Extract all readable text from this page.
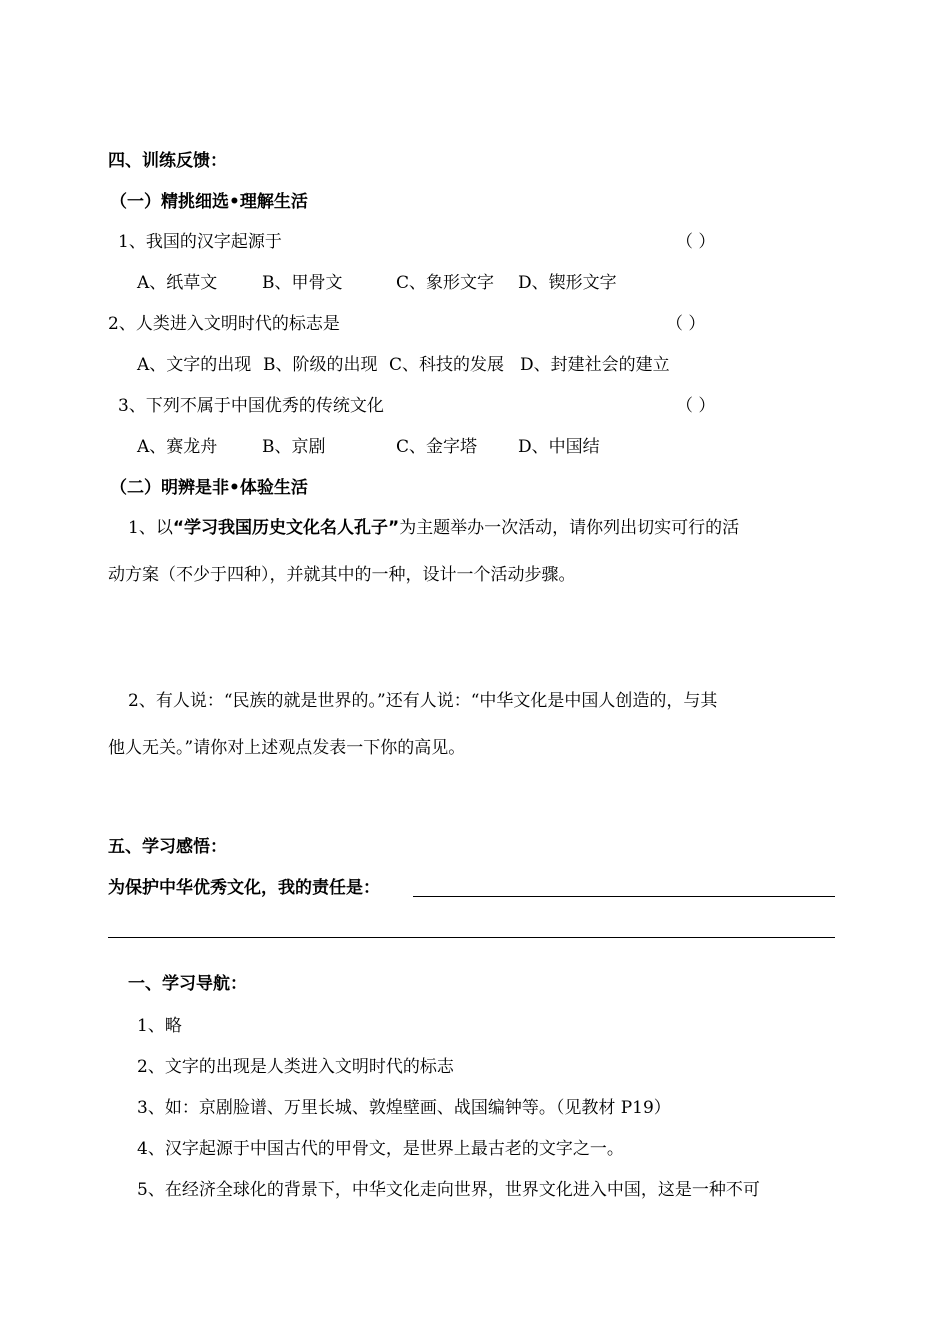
四、训练反馈：
（一）精挑细选•理解生活
1、我国的汉字起源于	（ ）
A、纸草文	B、甲骨文	C、象形文字 D、锲形文字
2、人类进入文明时代的标志是	（ ）
A、文字的出现 B、阶级的出现 C、科技的发展 D、封建社会的建立
3、下列不属于中国优秀的传统文化	（ ）
A、赛龙舟	B、京剧	C、金字塔 D、中国结
（二）明辨是非•体验生活
1、以“学习我国历史文化名人孔子”为主题举办一次活动，请你列出切实可行的活
动方案（不少于四种），并就其中的一种，设计一个活动步骤。
2、有人说：“民族的就是世界的。”还有人说：“中华文化是中国人创造的，与其
他人无关。”请你对上述观点发表一下你的高见。
五、学习感悟：
为保护中华优秀文化，我的责任是：
一、学习导航：
1、略
2、文字的出现是人类进入文明时代的标志
3、如：京剧脸谱、万里长城、敦煌壁画、战国编钟等。（见教材 P19）
4、汉字起源于中国古代的甲骨文，是世界上最古老的文字之一。
5、在经济全球化的背景下，中华文化走向世界，世界文化进入中国，这是一种不可
